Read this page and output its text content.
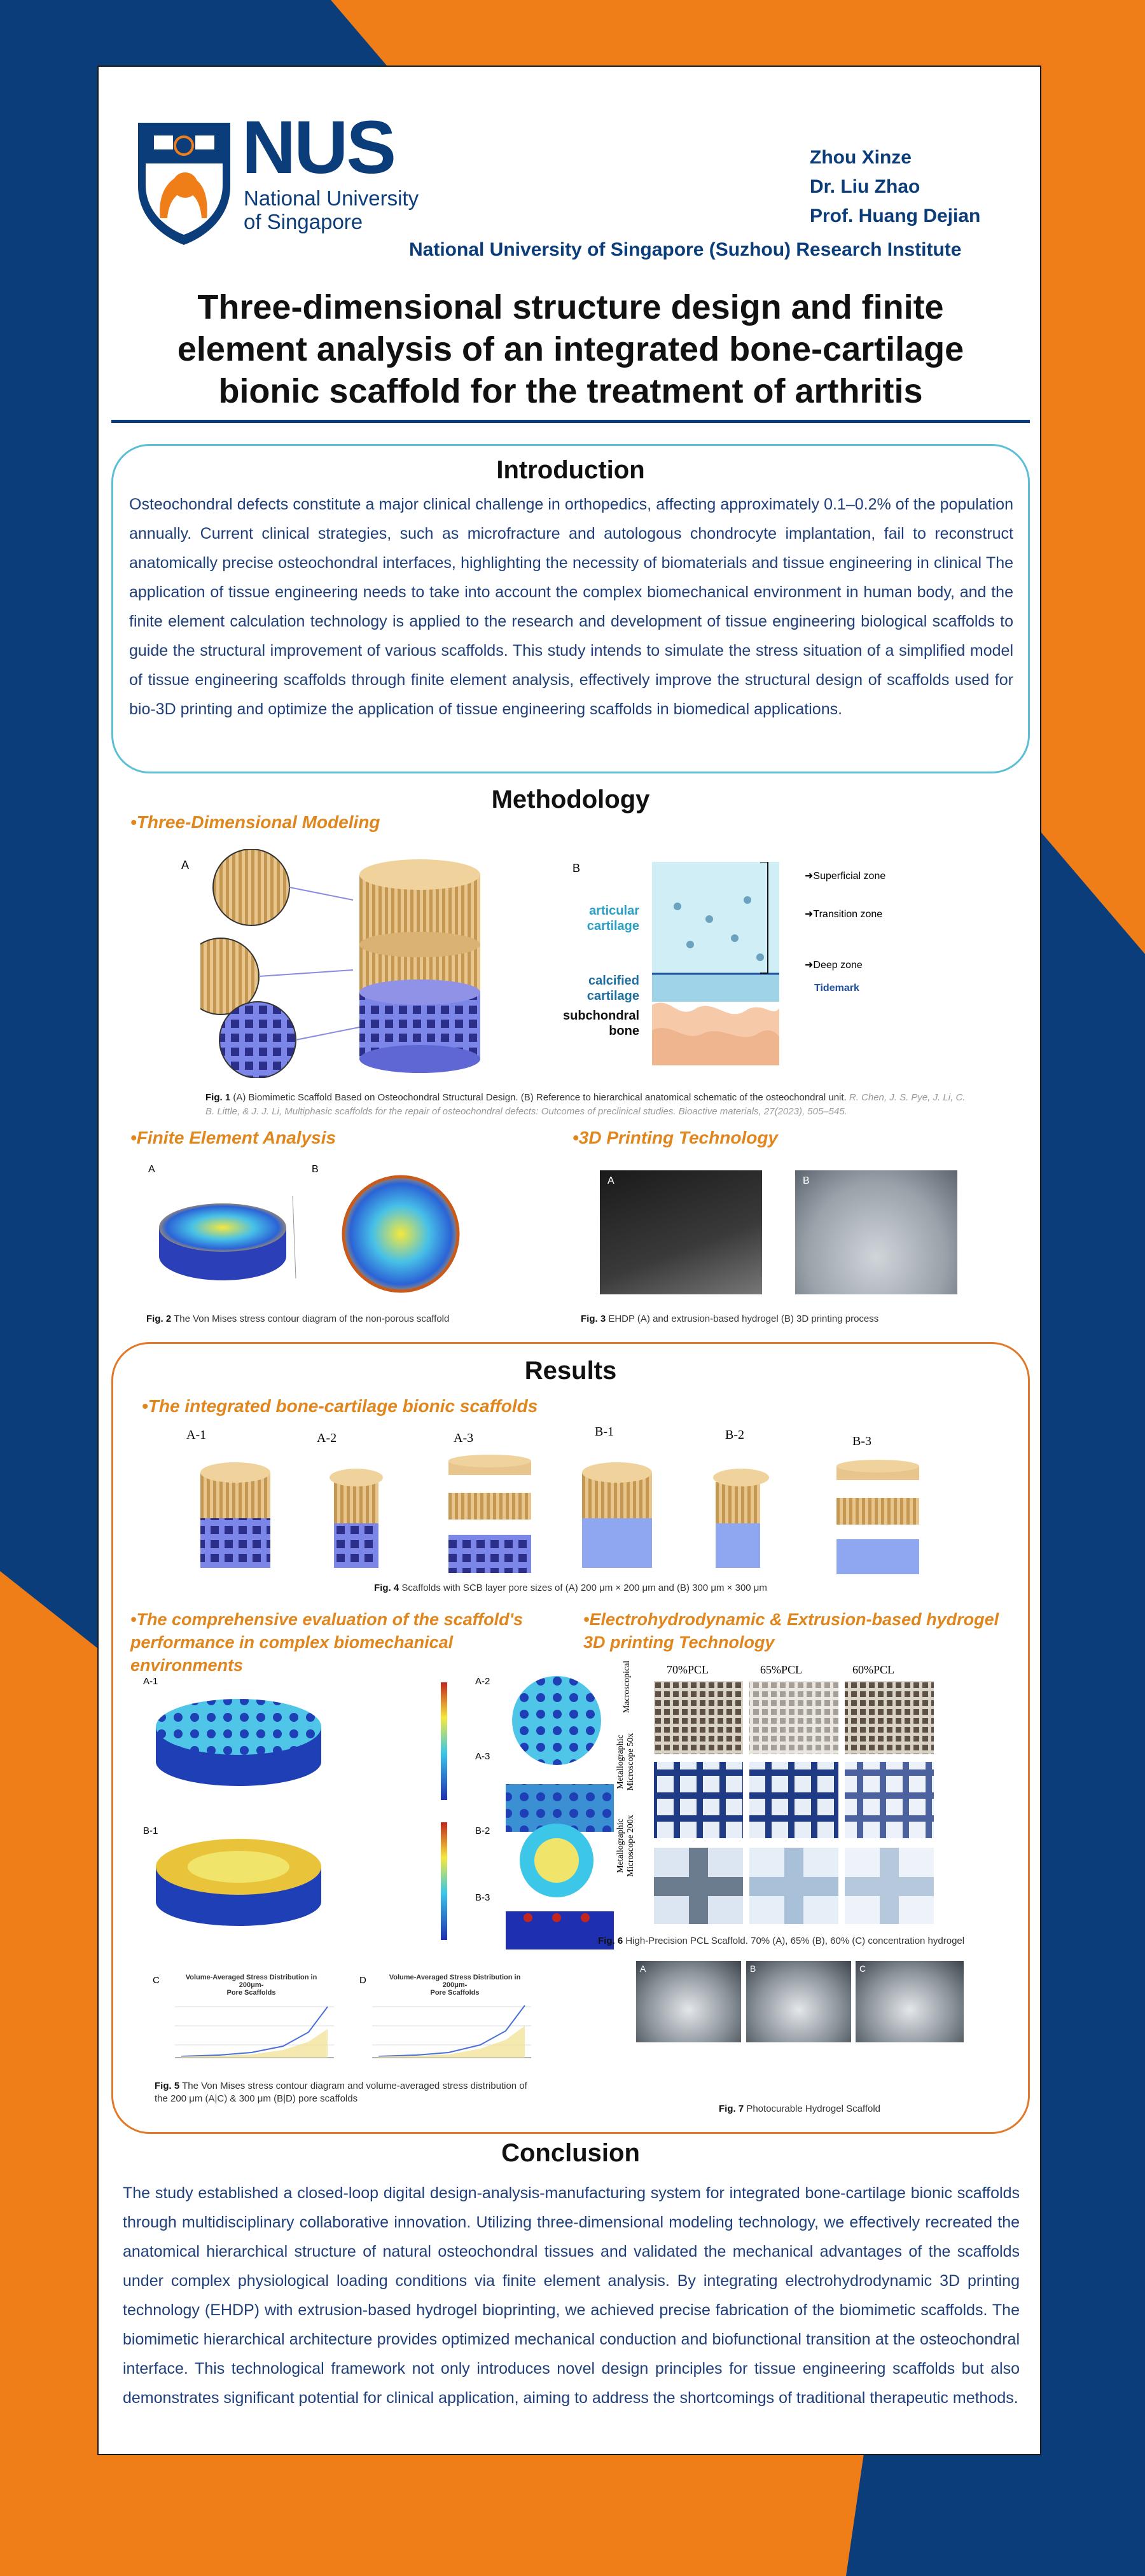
NUS
National University
of Singapore
Zhou Xinze
Dr. Liu Zhao
Prof. Huang Dejian
National University of Singapore (Suzhou) Research Institute
Three-dimensional structure design and finite
element analysis of an integrated bone-cartilage
bionic scaffold for the treatment of arthritis
Introduction
Osteochondral defects constitute a major clinical challenge in orthopedics, affecting approximately 0.1–0.2% of the population annually. Current clinical strategies, such as microfracture and autologous chondrocyte implantation, fail to reconstruct anatomically precise osteochondral interfaces, highlighting the necessity of biomaterials and tissue engineering in clinical The application of tissue engineering needs to take into account the complex biomechanical environment in human body, and the finite element calculation technology is applied to the research and development of tissue engineering biological scaffolds to guide the structural improvement of various scaffolds. This study intends to simulate the stress situation of a simplified model of tissue engineering scaffolds through finite element analysis, effectively improve the structural design of scaffolds used for bio-3D printing and optimize the application of tissue engineering scaffolds in biomedical applications.
Methodology
•Three-Dimensional Modeling
A	B
➜Superficial zone
➜Transition zone
➜Deep zone
Tidemark
articular
cartilage
calcified
cartilage
subchondral
bone
Fig. 1 (A) Biomimetic Scaffold Based on Osteochondral Structural Design. (B) Reference to hierarchical anatomical schematic of the osteochondral unit. R. Chen, J. S. Pye, J. Li, C. B. Little, & J. J. Li, Multiphasic scaffolds for the repair of osteochondral defects: Outcomes of preclinical studies. Bioactive materials, 27(2023), 505–545.
•Finite Element Analysis	•3D Printing Technology
A	B
Fig. 2 The Von Mises stress contour diagram of the non-porous scaffold
A	B
Fig. 3 EHDP (A) and extrusion-based hydrogel (B) 3D printing process
Results
•The integrated bone-cartilage bionic scaffolds
A-1	A-2	A-3	B-1	B-2	B-3
Fig. 4 Scaffolds with SCB layer pore sizes of (A) 200 μm × 200 μm and (B) 300 μm × 300 μm
•The comprehensive evaluation of the scaffold's
performance in complex biomechanical
environments
A-1	A-2
A-3
B-1	B-2
B-3
C	D
Volume-Averaged Stress Distribution in 200μm-
Pore Scaffolds
Volume-Averaged Stress Distribution in 200μm-
Pore Scaffolds
Fig. 5 The Von Mises stress contour diagram and volume-averaged stress distribution of the 200 μm (A|C) & 300 μm (B|D) pore scaffolds
•Electrohydrodynamic & Extrusion-based hydrogel
3D printing Technology
70%PCL	65%PCL	60%PCL
Macroscopical
Metallographic Microscope 50x
Metallographic Microscope 200x
Fig. 6 High-Precision PCL Scaffold. 70% (A), 65% (B), 60% (C) concentration hydrogel
A	B	C
Fig. 7 Photocurable Hydrogel Scaffold
Conclusion
The study established a closed-loop digital design-analysis-manufacturing system for integrated bone-cartilage bionic scaffolds through multidisciplinary collaborative innovation. Utilizing three-dimensional modeling technology, we effectively recreated the anatomical hierarchical structure of natural osteochondral tissues and validated the mechanical advantages of the scaffolds under complex physiological loading conditions via finite element analysis. By integrating electrohydrodynamic 3D printing technology (EHDP) with extrusion-based hydrogel bioprinting, we achieved precise fabrication of the biomimetic scaffolds. The biomimetic hierarchical architecture provides optimized mechanical conduction and biofunctional transition at the osteochondral interface. This technological framework not only introduces novel design principles for tissue engineering scaffolds but also demonstrates significant potential for clinical application, aiming to address the shortcomings of traditional therapeutic methods.
